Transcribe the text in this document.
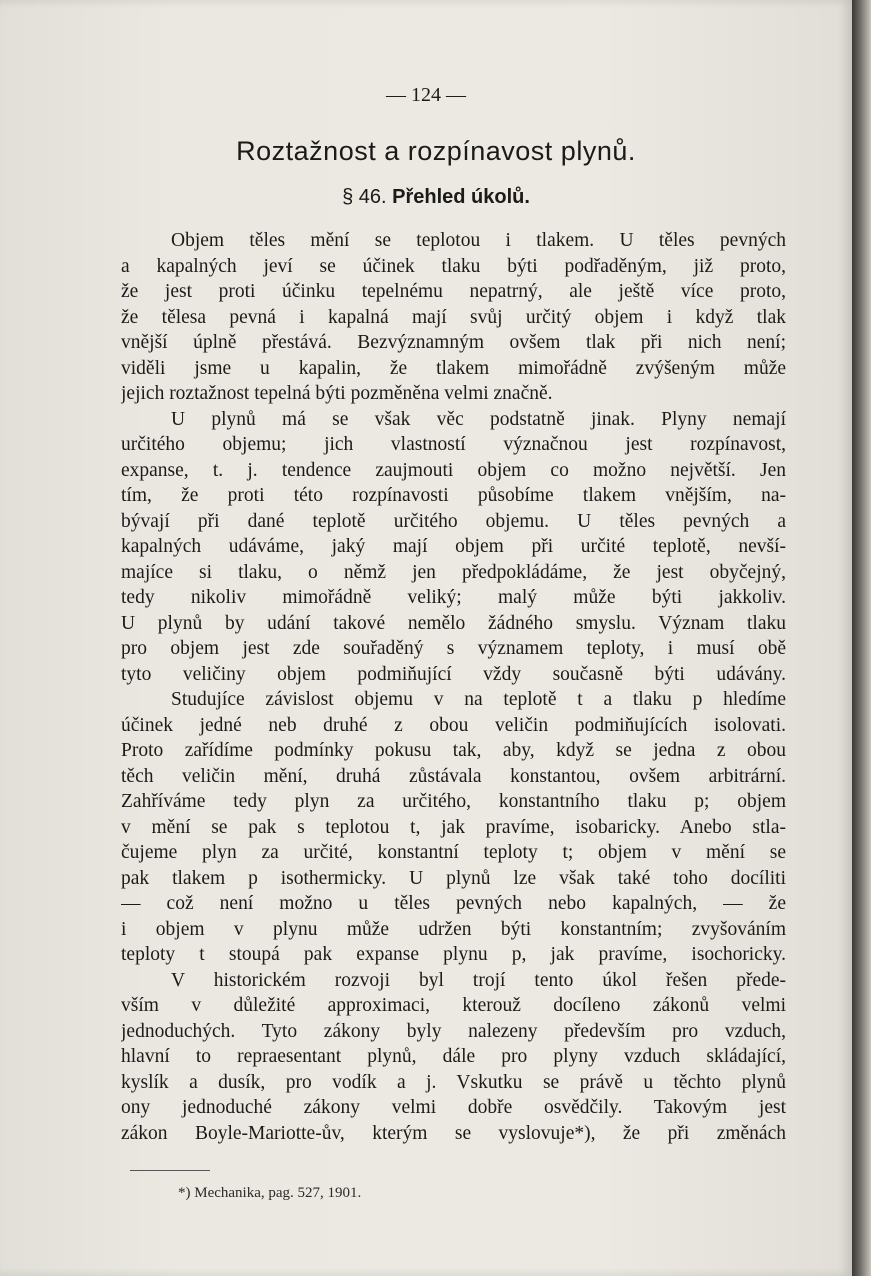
— 124 —
Roztažnost a rozpínavost plynů.
§ 46. Přehled úkolů.
Objem těles mění se teplotou i tlakem. U těles pevných
a kapalných jeví se účinek tlaku býti podřaděným, již proto,
že jest proti účinku tepelnému nepatrný, ale ještě více proto,
že tělesa pevná i kapalná mají svůj určitý objem i když tlak
vnější úplně přestává. Bezvýznamným ovšem tlak při nich není;
viděli jsme u kapalin, že tlakem mimořádně zvýšeným může
jejich roztažnost tepelná býti pozměněna velmi značně.
U plynů má se však věc podstatně jinak. Plyny nemají
určitého objemu; jich vlastností význačnou jest rozpínavost,
expanse, t. j. tendence zaujmouti objem co možno největší. Jen
tím, že proti této rozpínavosti působíme tlakem vnějším, na-
bývají při dané teplotě určitého objemu. U těles pevných a
kapalných udáváme, jaký mají objem při určité teplotě, nevší-
majíce si tlaku, o němž jen předpokládáme, že jest obyčejný,
tedy nikoliv mimořádně veliký; malý může býti jakkoliv.
U plynů by udání takové nemělo žádného smyslu. Význam tlaku
pro objem jest zde souřaděný s významem teploty, i musí obě
tyto veličiny objem podmiňující vždy současně býti udávány.
Studujíce závislost objemu v na teplotě t a tlaku p hledíme
účinek jedné neb druhé z obou veličin podmiňujících isolovati.
Proto zařídíme podmínky pokusu tak, aby, když se jedna z obou
těch veličin mění, druhá zůstávala konstantou, ovšem arbitrární.
Zahříváme tedy plyn za určitého, konstantního tlaku p; objem
v mění se pak s teplotou t, jak pravíme, isobaricky. Anebo stla-
čujeme plyn za určité, konstantní teploty t; objem v mění se
pak tlakem p isothermicky. U plynů lze však také toho docíliti
— což není možno u těles pevných nebo kapalných, — že
i objem v plynu může udržen býti konstantním; zvyšováním
teploty t stoupá pak expanse plynu p, jak pravíme, isochoricky.
V historickém rozvoji byl trojí tento úkol řešen přede-
vším v důležité approximaci, kterouž docíleno zákonů velmi
jednoduchých. Tyto zákony byly nalezeny především pro vzduch,
hlavní to repraesentant plynů, dále pro plyny vzduch skládající,
kyslík a dusík, pro vodík a j. Vskutku se právě u těchto plynů
ony jednoduché zákony velmi dobře osvědčily. Takovým jest
zákon Boyle-Mariotte-ův, kterým se vyslovuje*), že při změnách
*) Mechanika, pag. 527, 1901.
